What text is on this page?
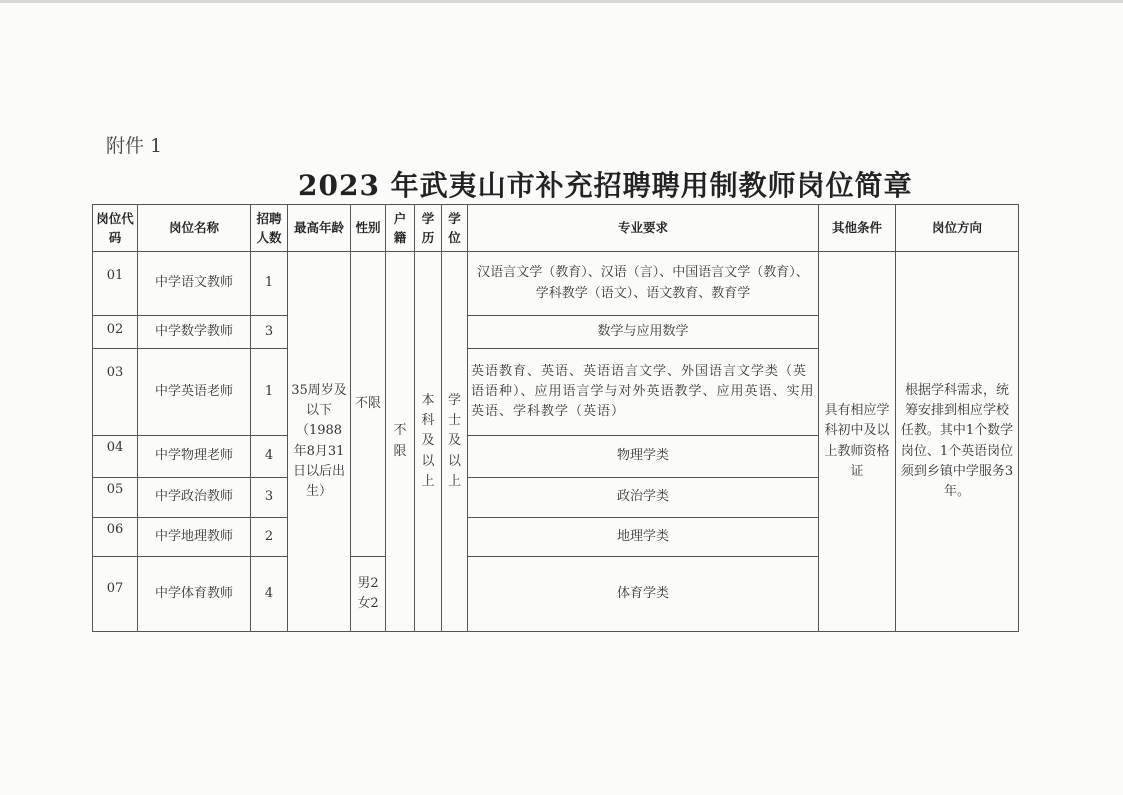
附件 1
2023 年武夷山市补充招聘聘用制教师岗位简章
岗位代码	岗位名称	招聘人数	最高年龄	性别	户籍	学历	学位	专业要求	其他条件	岗位方向
01	中学语文教师	1	35周岁及以下（1988年8月31日以后出生）	不限	不限	本科及以上	学士及以上	汉语言文学（教育）、汉语（言）、中国语言文学（教育）、学科教学（语文）、语文教育、教育学	具有相应学科初中及以上教师资格证	根据学科需求，统筹安排到相应学校任教。其中1个数学岗位、1个英语岗位须到乡镇中学服务3年。
02	中学数学教师	3						数学与应用数学		
03	中学英语老师	1						英语教育、英语、英语语言文学、外国语言文学类（英语语种）、应用语言学与对外英语教学、应用英语、实用英语、学科教学（英语）		
04	中学物理老师	4						物理学类		
05	中学政治教师	3						政治学类		
06	中学地理教师	2						地理学类		
07	中学体育教师	4		男2 女2				体育学类		
